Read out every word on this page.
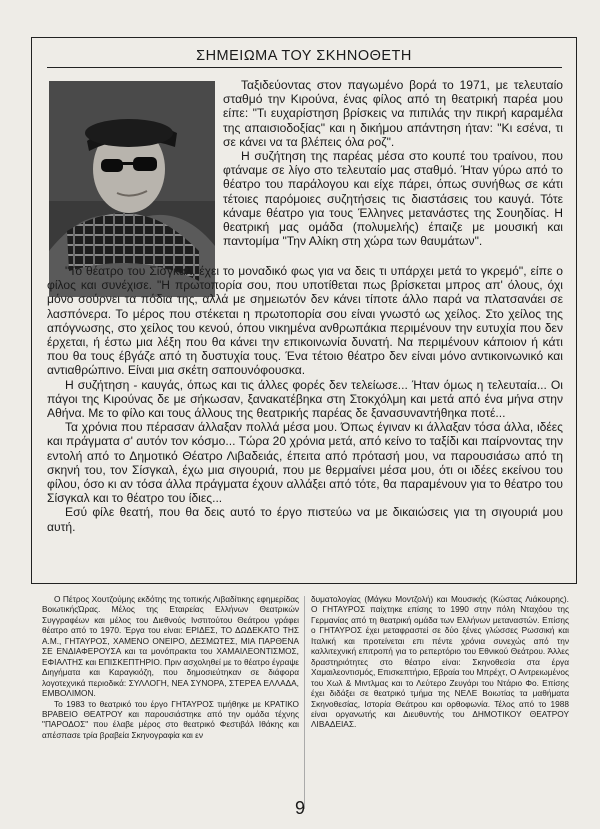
ΣΗΜΕΙΩΜΑ ΤΟΥ ΣΚΗΝΟΘΕΤΗ

Ταξιδεύοντας στον παγωμένο βορά το 1971, με τελευταίο σταθμό την Κιρούνα, ένας φίλος από τη θεατρική παρέα μου είπε: "Τι ευχαρίστηση βρίσκεις να πιπιλάς την πικρή καραμέλα της απαισιοδοξίας" και η δικήμου απάντηση ήταν: "Κι εσένα, τι σε κάνει να τα βλέπεις όλα ροζ".

Η συζήτηση της παρέας μέσα στο κουπέ του τραίνου, που φτάναμε σε λίγο στο τελευταίο μας σταθμό. Ήταν γύρω από το θέατρο του παράλογου και είχε πάρει, όπως συνήθως σε κάτι τέτοιες παρόμοιες συζητήσεις τις διαστάσεις του καυγά. Τότε κάναμε θέατρο για τους Έλληνες μετανάστες της Σουηδίας. Η θεατρική μας ομάδα (πολυμελής) έπαιζε με μουσική και παντομίμα "Την Αλίκη στη χώρα των θαυμάτων".

"Το θέατρο του Σίσγκαλ, έχει το μοναδικό φως για να δεις τι υπάρχει μετά το γκρεμό", είπε ο φίλος και συνέχισε. "Η πρωτοπορία σου, που υποτίθεται πως βρίσκεται μπρος απ' όλους, όχι μόνο σούρνει τα πόδια της, αλλά με σημειωτόν δεν κάνει τίποτε άλλο παρά να πλατσανάει σε λασπόνερα. Το μέρος που στέκεται η πρωτοπορία σου είναι γνωστό ως χείλος. Στο χείλος της απόγνωσης, στο χείλος του κενού, όπου νικημένα ανθρωπάκια περιμένουν την ευτυχία που δεν έρχεται, ή έστω μια λέξη που θα κάνει την επικοινωνία δυνατή. Να περιμένουν κάποιον ή κάτι που θα τους έβγάζε από τη δυστυχία τους. Ένα τέτοιο θέατρο δεν είναι μόνο αντικοινωνικό και αντιαθρώπινο. Είναι μια σκέτη σαπουνόφουσκα.

Η συζήτηση - καυγάς, όπως και τις άλλες φορές δεν τελείωσε... Ήταν όμως η τελευταία... Οι πάγοι της Κιρούνας δε με σήκωσαν, ξανακατέβηκα στη Στοκχόλμη και μετά από ένα μήνα στην Αθήνα. Με το φίλο και τους άλλους της θεατρικής παρέας δε ξανασυναντήθηκα ποτέ...

Τα χρόνια που πέρασαν άλλαξαν πολλά μέσα μου. Όπως έγιναν κι άλλαξαν τόσα άλλα, ιδέες και πράγματα σ' αυτόν τον κόσμο... Τώρα 20 χρόνια μετά, από κείνο το ταξίδι και παίρνοντας την εντολή από το Δημοτικό Θέατρο Λιβαδειάς, έπειτα από πρότασή μου, να παρουσιάσω από τη σκηνή του, τον Σίσγκαλ, έχω μια σιγουριά, που με θερμαίνει μέσα μου, ότι οι ιδέες εκείνου του φίλου, όσο κι αν τόσα άλλα πράγματα έχουν αλλάξει από τότε, θα παραμένουν για το θέατρο του Σίσγκαλ και το θέατρο του ίδιες...

Εσύ φίλε θεατή, που θα δεις αυτό το έργο πιστεύω να με δικαιώσεις για τη σιγουριά μου αυτή.

Ο Πέτρος Χουτζούμης εκδότης της τοπικής Λιβαδίτικης εφημερίδας ΒοιωτικήςΏρας. Μέλος της Εταιρείας Ελλήνων Θεατρικών Συγγραφέων και μέλος του Διεθνούς Ινστιτούτου Θεάτρου γράφει θέατρο από το 1970. Έργα του είναι: ΕΡΙΔΕΣ, ΤΟ ΔΩΔΕΚΑΤΟ ΤΗΣ Α.Μ., ΓΗΤΑΥΡΟΣ, ΧΑΜΕΝΟ ΟΝΕΙΡΟ, ΔΕΣΜΩΤΕΣ, ΜΙΑ ΠΑΡΘΕΝΑ ΣΕ ΕΝΔΙΑΦΕΡΟΥΣΑ και τα μονόπρακτα του ΧΑΜΑΙΛΕΟΝΤΙΣΜΟΣ, ΕΦΙΑΛΤΗΣ και ΕΠΙΣΚΕΠΤΗΡΙΟ. Πριν ασχοληθεί με το θέατρο έγραψε Διηγήματα και Καραγκιόζη, που δημοσιεύτηκαν σε διάφορα λογοτεχνικά περιοδικά: ΣΥΛΛΟΓΗ, ΝΕΑ ΣΥΝΟΡΑ, ΣΤΕΡΕΑ ΕΛΛΑΔΑ, ΕΜΒΟΛΙΜΟΝ.

Το 1983 το θεατρικό του έργο ΓΗΤΑΥΡΟΣ τιμήθηκε με ΚΡΑΤΙΚΟ ΒΡΑΒΕΙΟ ΘΕΑΤΡΟΥ και παρουσιάστηκε από την ομάδα τέχνης "ΠΑΡΟΔΟΣ" που έλαβε μέρος στο θεατρικό Φεστιβάλ Ιθάκης και απέσπασε τρία βραβεία Σκηνογραφία και εν

δυματολογίας (Μάγκυ Μοντζολή) και Μουσικής (Κώστας Λιάκουρης). Ο ΓΗΤΑΥΡΟΣ παίχτηκε επίσης το 1990 στην πόλη Νταχόου της Γερμανίας από τη θεατρική ομάδα των Ελλήνων μεταναστών. Επίσης ο ΓΗΤΑΥΡΟΣ έχει μεταφραστεί σε δύο ξένες γλώσσες Ρωσσική και Ιταλική και προτείνεται επι πέντε χρόνια συνεχώς από την καλλιτεχνική επιτροπή για το ρεπερτόριο του Εθνικού Θεάτρου. Άλλες δραστηριότητες στο θέατρο είναι: Σκηνοθεσία στα έργα Χαμαιλεοντισμός, Επισκεπτήριο, Εβραία του Μπρέχτ, Ο Αντρειωμένος του Χωλ & Μιντλμας και το Λεύτερο Ζευγάρι του Ντάριο Φο. Επίσης έχει διδάξει σε θεατρικό τμήμα της ΝΕΛΕ Βοιωτίας τα μαθήματα Σκηνοθεσίας, Ιστορία Θεάτρου και ορθοφωνία. Τέλος από το 1988 είναι οργανωτής και Διευθυντής του ΔΗΜΟΤΙΚΟΥ ΘΕΑΤΡΟΥ ΛΙΒΑΔΕΙΑΣ.

9
